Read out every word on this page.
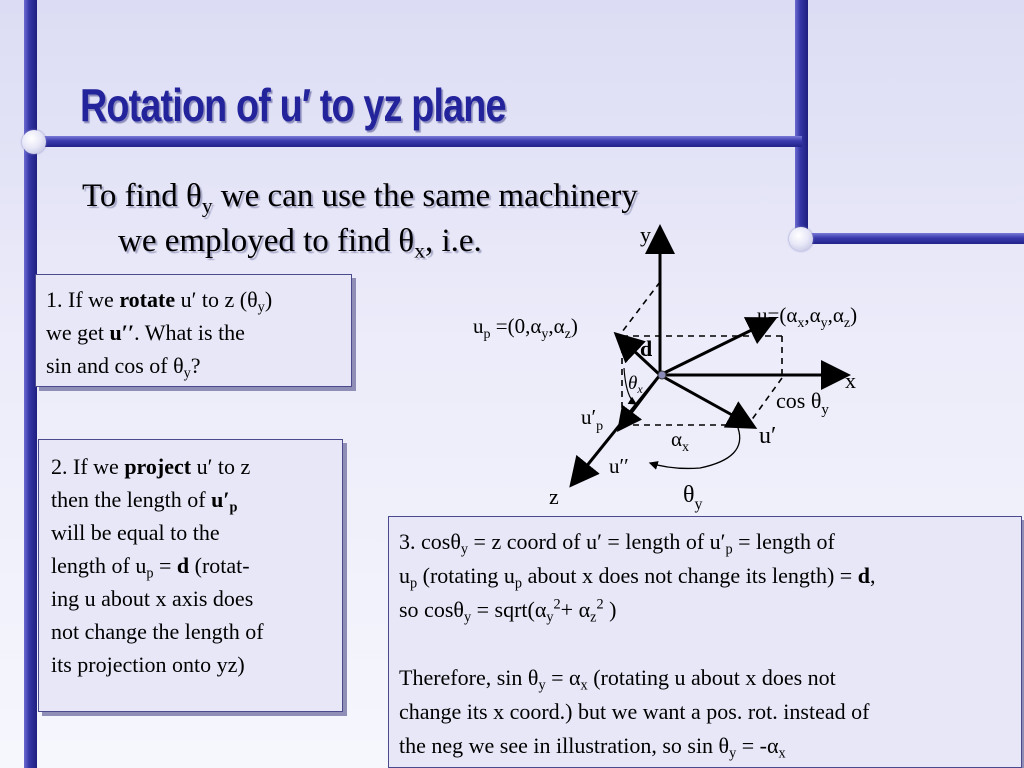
Rotation of u′ to yz plane
To find $\theta_y$ we can use the same machinery
we employed to find $\theta_x$, i.e.
1. If we rotate u′ to z $(\theta_y)$
we get u′′. What is the
sin and cos of $\theta_y$?
2. If we project u′ to z
then the length of $u'_p$
will be equal to the
length of $u_p = d$ (rotat-
ing u about x axis does
not change the length of
its projection onto yz)

3. cosθ$_y$ = z coord of u′ = length of $u'_p$ = length of
$u_p$ (rotating $u_p$ about x does not change its length) = d,
so $\cos\theta_y = sqrt(\alpha_y^2+ \alpha_z^2$ )

Therefore, $\sin \theta_y = \alpha_x$ (rotating u about x does not
change its x coord.) but we want a pos. rot. instead of
the neg we see in illustration, so $\sin \theta_y = -\alpha_x$

y
x
z
$u=(\alpha_x,\alpha_y,\alpha_z)$
$u_p =(0,\alpha_y,\alpha_z)$
d
$\theta_x$	$\cos \theta_y$
u′
$u'_p$
$\alpha_x$
u′′
$\theta_y$
